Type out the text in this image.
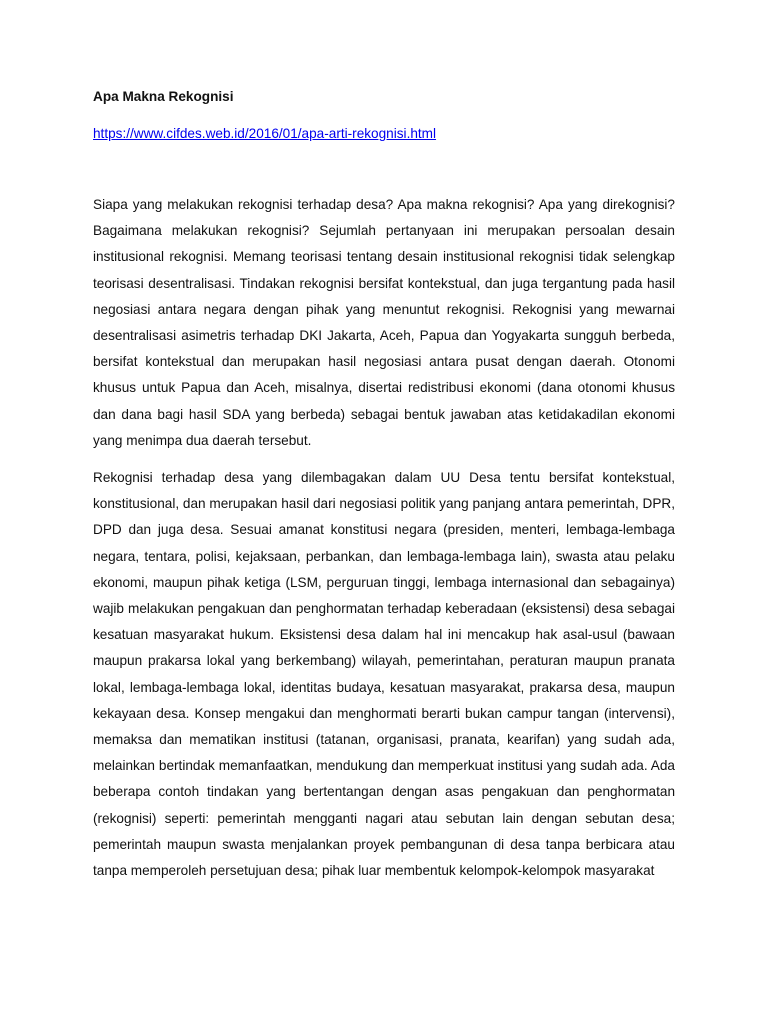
Apa Makna Rekognisi
https://www.cifdes.web.id/2016/01/apa-arti-rekognisi.html

Siapa yang melakukan rekognisi terhadap desa? Apa makna rekognisi? Apa yang direkognisi? Bagaimana melakukan rekognisi? Sejumlah pertanyaan ini merupakan persoalan desain institusional rekognisi. Memang teorisasi tentang desain institusional rekognisi tidak selengkap teorisasi desentralisasi. Tindakan rekognisi bersifat kontekstual, dan juga tergantung pada hasil negosiasi antara negara dengan pihak yang menuntut rekognisi. Rekognisi yang mewarnai desentralisasi asimetris terhadap DKI Jakarta, Aceh, Papua dan Yogyakarta sungguh berbeda, bersifat kontekstual dan merupakan hasil negosiasi antara pusat dengan daerah. Otonomi khusus untuk Papua dan Aceh, misalnya, disertai redistribusi ekonomi (dana otonomi khusus dan dana bagi hasil SDA yang berbeda) sebagai bentuk jawaban atas ketidakadilan ekonomi yang menimpa dua daerah tersebut.

Rekognisi terhadap desa yang dilembagakan dalam UU Desa tentu bersifat kontekstual, konstitusional, dan merupakan hasil dari negosiasi politik yang panjang antara pemerintah, DPR, DPD dan juga desa. Sesuai amanat konstitusi negara (presiden, menteri, lembaga-lembaga negara, tentara, polisi, kejaksaan, perbankan, dan lembaga-lembaga lain), swasta atau pelaku ekonomi, maupun pihak ketiga (LSM, perguruan tinggi, lembaga internasional dan sebagainya) wajib melakukan pengakuan dan penghormatan terhadap keberadaan (eksistensi) desa sebagai kesatuan masyarakat hukum. Eksistensi desa dalam hal ini mencakup hak asal-usul (bawaan maupun prakarsa lokal yang berkembang) wilayah, pemerintahan, peraturan maupun pranata lokal, lembaga-lembaga lokal, identitas budaya, kesatuan masyarakat, prakarsa desa, maupun kekayaan desa. Konsep mengakui dan menghormati berarti bukan campur tangan (intervensi), memaksa dan mematikan institusi (tatanan, organisasi, pranata, kearifan) yang sudah ada, melainkan bertindak memanfaatkan, mendukung dan memperkuat institusi yang sudah ada. Ada beberapa contoh tindakan yang bertentangan dengan asas pengakuan dan penghormatan (rekognisi) seperti: pemerintah mengganti nagari atau sebutan lain dengan sebutan desa; pemerintah maupun swasta menjalankan proyek pembangunan di desa tanpa berbicara atau tanpa memperoleh persetujuan desa; pihak luar membentuk kelompok-kelompok masyarakat
